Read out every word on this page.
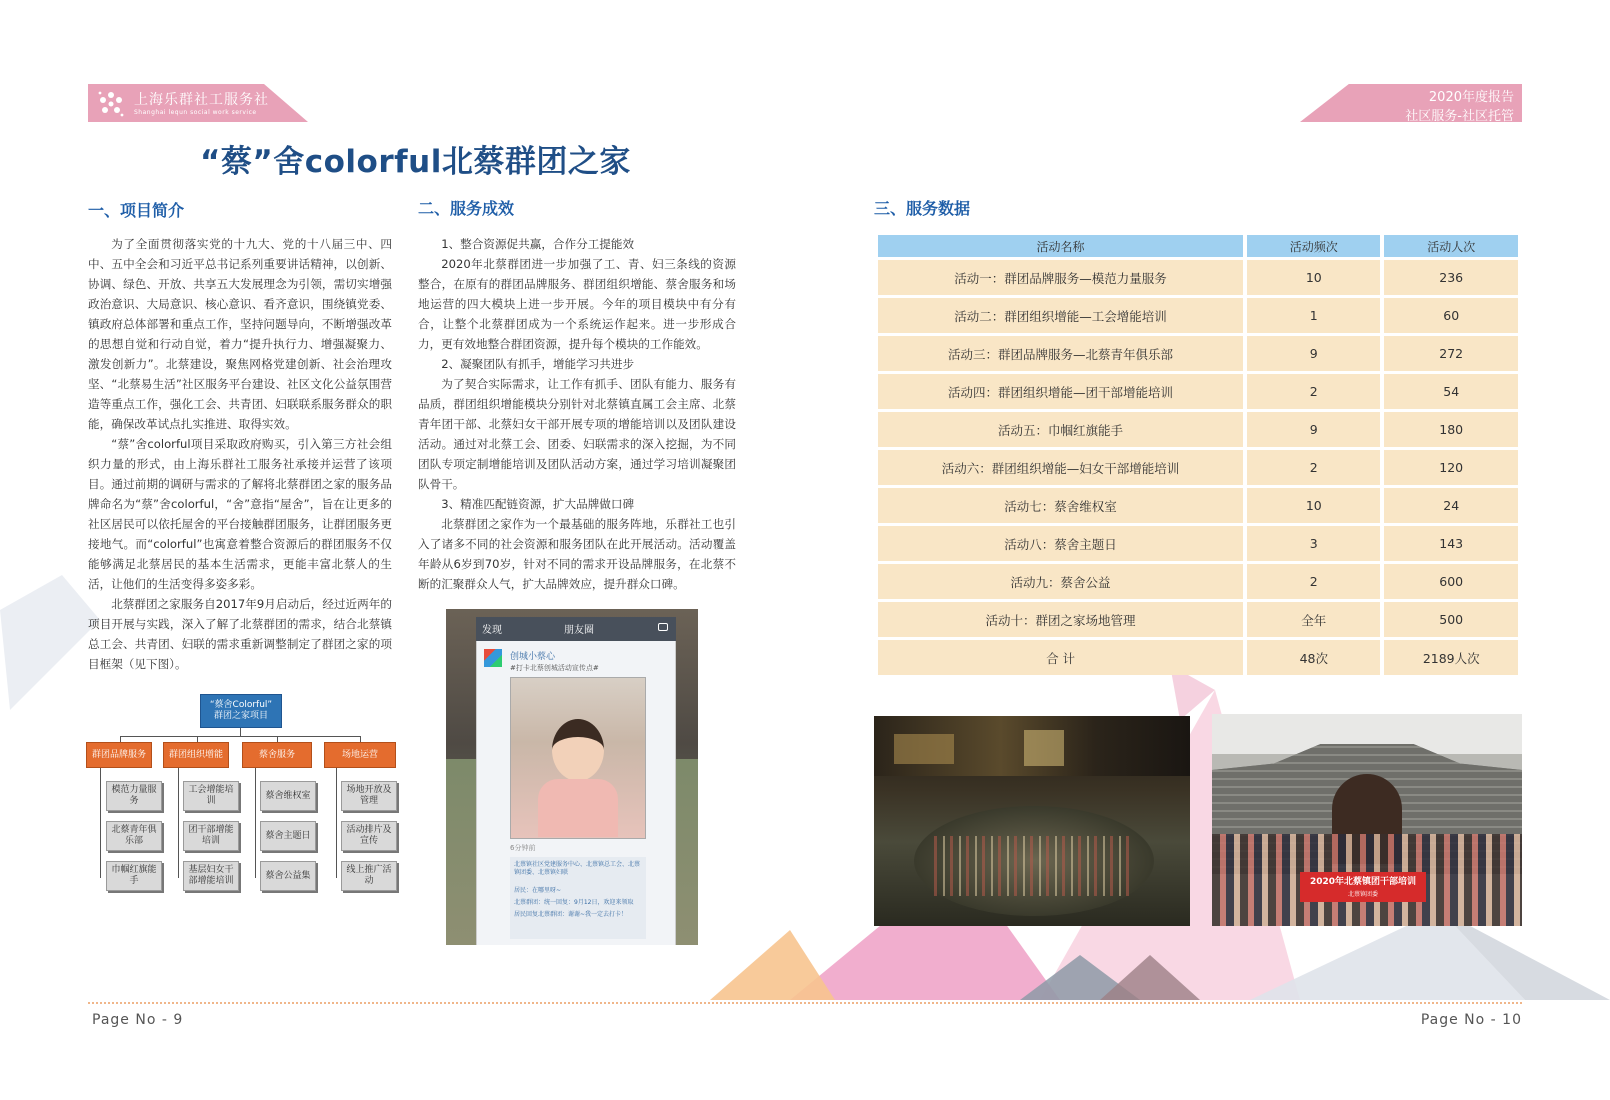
上海乐群社工服务社
Shanghai lequn social work service
2020年度报告
社区服务-社区托管
“蔡”舍colorful北蔡群团之家
一、项目简介

为了全面贯彻落实党的十九大、党的十八届三中、四中、五中全会和习近平总书记系列重要讲话精神，以创新、协调、绿色、开放、共享五大发展理念为引领，需切实增强政治意识、大局意识、核心意识、看齐意识，围绕镇党委、镇政府总体部署和重点工作，坚持问题导向，不断增强改革的思想自觉和行动自觉，着力“提升执行力、增强凝聚力、激发创新力”。北蔡建设，聚焦网格党建创新、社会治理攻坚、“北蔡易生活”社区服务平台建设、社区文化公益氛围营造等重点工作，强化工会、共青团、妇联联系服务群众的职能，确保改革试点扎实推进、取得实效。

“蔡”舍colorful项目采取政府购买，引入第三方社会组织力量的形式，由上海乐群社工服务社承接并运营了该项目。通过前期的调研与需求的了解将北蔡群团之家的服务品牌命名为“蔡”舍colorful，“舍”意指“屋舍”，旨在让更多的社区居民可以依托屋舍的平台接触群团服务，让群团服务更接地气。而“colorful”也寓意着整合资源后的群团服务不仅能够满足北蔡居民的基本生活需求，更能丰富北蔡人的生活，让他们的生活变得多姿多彩。

北蔡群团之家服务自2017年9月启动后，经过近两年的项目开展与实践，深入了解了北蔡群团的需求，结合北蔡镇总工会、共青团、妇联的需求重新调整制定了群团之家的项目框架（见下图）。

“蔡舍Colorful”
群团之家项目
群团品牌服务	群团组织增能	蔡舍服务	场地运营
模范力量服
务
北蔡青年俱
乐部
巾帼红旗能
手
工会增能培
训
团干部增能
培训
基层妇女干
部增能培训
蔡舍维权室
蔡舍主题日
蔡舍公益集
场地开放及
管理
活动排片及
宣传
线上推广活
动
二、服务成效

1、整合资源促共赢，合作分工提能效

2020年北蔡群团进一步加强了工、青、妇三条线的资源整合，在原有的群团品牌服务、群团组织增能、蔡舍服务和场地运营的四大模块上进一步开展。今年的项目模块中有分有合，让整个北蔡群团成为一个系统运作起来。进一步形成合力，更有效地整合群团资源，提升每个模块的工作能效。

2、凝聚团队有抓手，增能学习共进步

为了契合实际需求，让工作有抓手、团队有能力、服务有品质，群团组织增能模块分别针对北蔡镇直属工会主席、北蔡青年团干部、北蔡妇女干部开展专项的增能培训以及团队建设活动。通过对北蔡工会、团委、妇联需求的深入挖掘，为不同团队专项定制增能培训及团队活动方案，通过学习培训凝聚团队骨干。

3、精准匹配链资源，扩大品牌做口碑

北蔡群团之家作为一个最基础的服务阵地，乐群社工也引入了诸多不同的社会资源和服务团队在此开展活动。活动覆盖年龄从6岁到70岁，针对不同的需求开设品牌服务，在北蔡不断的汇聚群众人气，扩大品牌效应，提升群众口碑。

发现	朋友圈
创城小蔡心
#打卡北蔡创城活动宣传点#
6分钟前
北蔡镇社区党建服务中心、北蔡镇总工会、北蔡镇团委、北蔡镇妇联
居民：在哪里呀~
北蔡群团：统一回复：9月12日，欢迎来领取
居民回复北蔡群团：谢谢~我一定去打卡！
三、服务数据
活动名称	活动频次	活动人次
活动一：群团品牌服务—模范力量服务	10	236
活动二：群团组织增能—工会增能培训	1	60
活动三：群团品牌服务—北蔡青年俱乐部	9	272
活动四：群团组织增能—团干部增能培训	2	54
活动五：巾帼红旗能手	9	180
活动六：群团组织增能—妇女干部增能培训	2	120
活动七：蔡舍维权室	10	24
活动八：蔡舍主题日	3	143
活动九：蔡舍公益	2	600
活动十：群团之家场地管理	全年	500
合 计	48次	2189人次
2020年北蔡镇团干部培训
北蔡镇团委
Page No - 9	Page No - 10
